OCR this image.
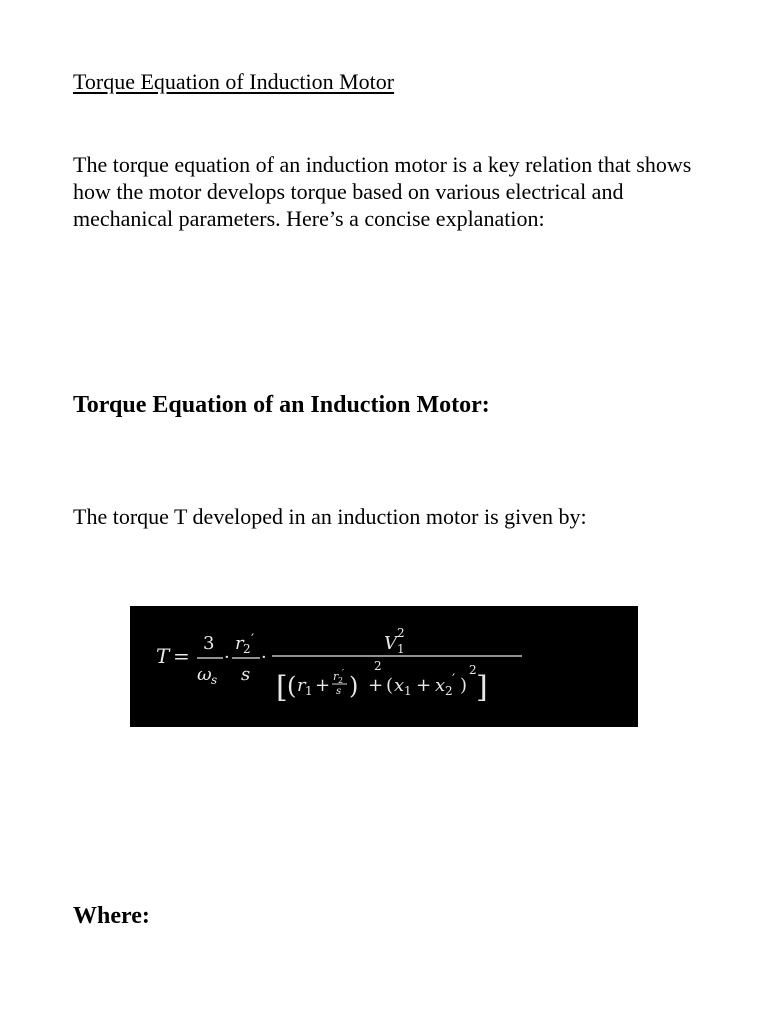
Torque Equation of Induction Motor

The torque equation of an induction motor is a key relation that shows how the motor develops torque based on various electrical and mechanical parameters. Here’s a concise explanation:

Torque Equation of an Induction Motor:

The torque T developed in an induction motor is given by:

T =
3
ω s
·
r 2
′
s
·
V 1
2
[ ( r 1 + r 2
′
s )
2
+ ( x 1 + x 2
′ )
2 ]
Where:
